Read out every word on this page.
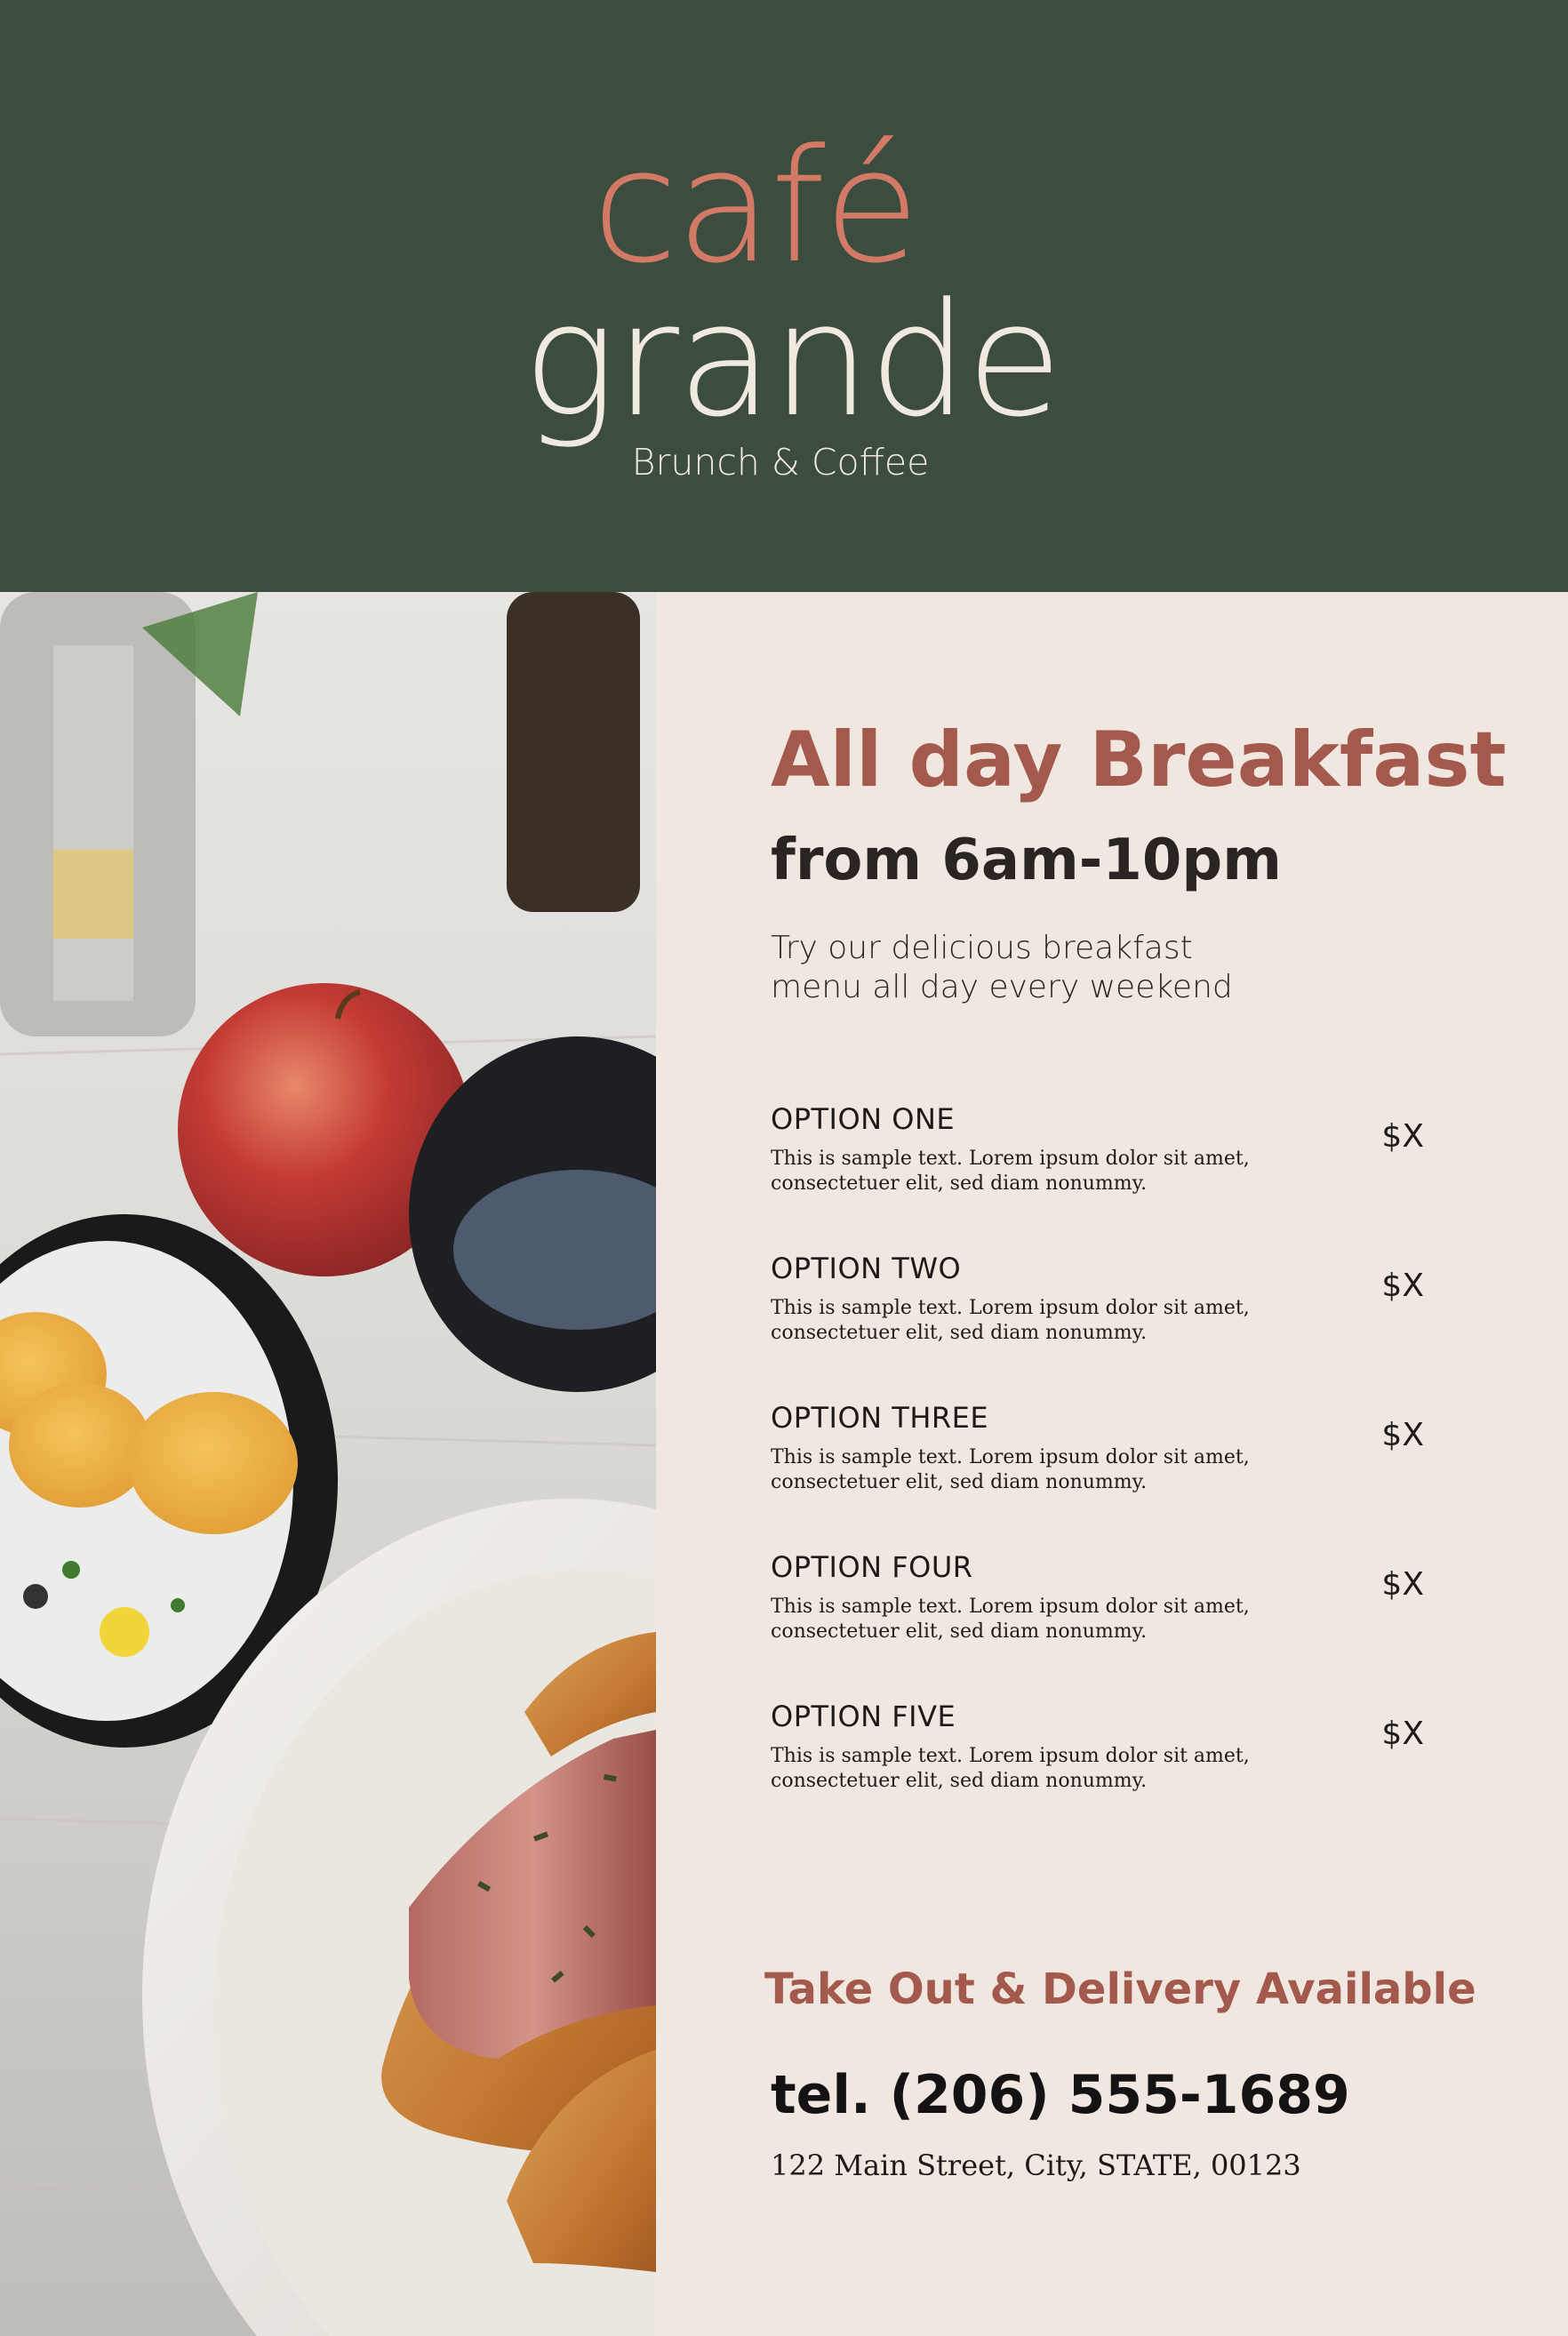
café
grande
Brunch & Coffee
All day Breakfast
from 6am-10pm
Try our delicious breakfast menu all day every weekend
OPTION ONE
This is sample text. Lorem ipsum dolor sit amet, consectetuer elit, sed diam nonummy.
$X
OPTION TWO
This is sample text. Lorem ipsum dolor sit amet, consectetuer elit, sed diam nonummy.
$X
OPTION THREE
This is sample text. Lorem ipsum dolor sit amet, consectetuer elit, sed diam nonummy.
$X
OPTION FOUR
This is sample text. Lorem ipsum dolor sit amet, consectetuer elit, sed diam nonummy.
$X
OPTION FIVE
This is sample text. Lorem ipsum dolor sit amet, consectetuer elit, sed diam nonummy.
$X
Take Out & Delivery Available
tel. (206) 555-1689
122 Main Street, City, STATE, 00123
